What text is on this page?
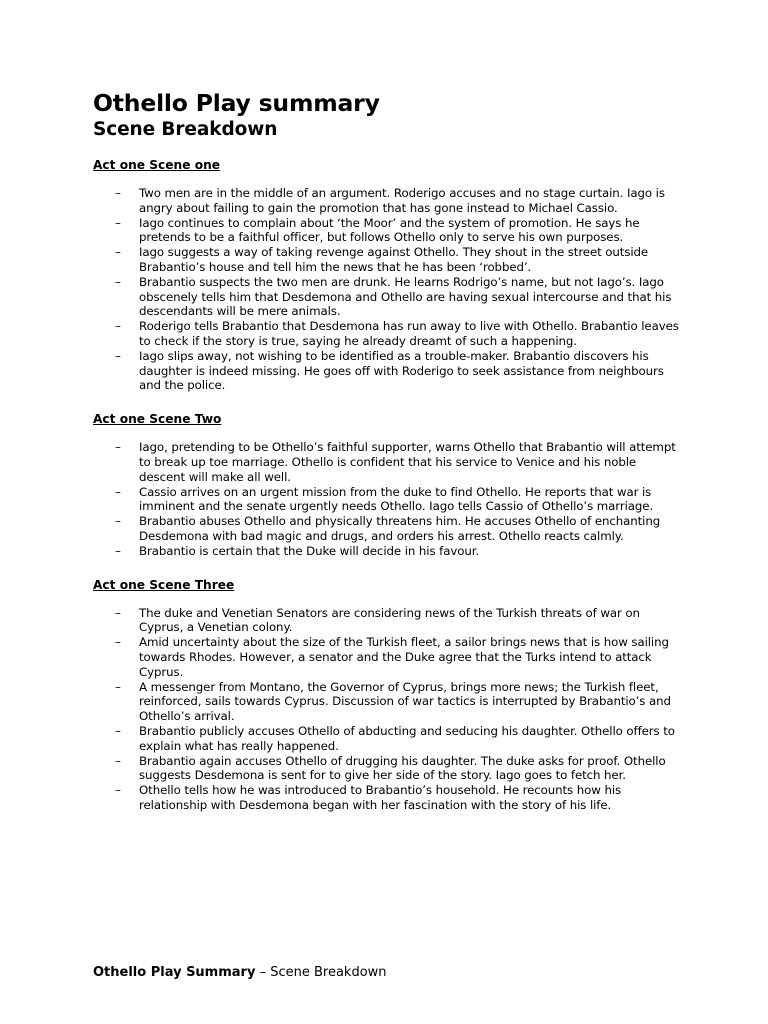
Othello Play summary
Scene Breakdown
Act one Scene one
– Two men are in the middle of an argument. Roderigo accuses and no stage curtain. Iago is angry about failing to gain the promotion that has gone instead to Michael Cassio.
– Iago continues to complain about ‘the Moor’ and the system of promotion. He says he pretends to be a faithful officer, but follows Othello only to serve his own purposes.
– Iago suggests a way of taking revenge against Othello. They shout in the street outside Brabantio’s house and tell him the news that he has been ‘robbed’.
– Brabantio suspects the two men are drunk. He learns Rodrigo’s name, but not Iago’s. Iago obscenely tells him that Desdemona and Othello are having sexual intercourse and that his descendants will be mere animals.
– Roderigo tells Brabantio that Desdemona has run away to live with Othello. Brabantio leaves to check if the story is true, saying he already dreamt of such a happening.
– Iago slips away, not wishing to be identified as a trouble-maker. Brabantio discovers his daughter is indeed missing. He goes off with Roderigo to seek assistance from neighbours and the police.
Act one Scene Two
– Iago, pretending to be Othello’s faithful supporter, warns Othello that Brabantio will attempt to break up toe marriage. Othello is confident that his service to Venice and his noble descent will make all well.
– Cassio arrives on an urgent mission from the duke to find Othello. He reports that war is imminent and the senate urgently needs Othello. Iago tells Cassio of Othello’s marriage.
– Brabantio abuses Othello and physically threatens him. He accuses Othello of enchanting Desdemona with bad magic and drugs, and orders his arrest. Othello reacts calmly.
– Brabantio is certain that the Duke will decide in his favour.
Act one Scene Three
– The duke and Venetian Senators are considering news of the Turkish threats of war on Cyprus, a Venetian colony.
– Amid uncertainty about the size of the Turkish fleet, a sailor brings news that is how sailing towards Rhodes. However, a senator and the Duke agree that the Turks intend to attack Cyprus.
– A messenger from Montano, the Governor of Cyprus, brings more news; the Turkish fleet, reinforced, sails towards Cyprus. Discussion of war tactics is interrupted by Brabantio’s and Othello’s arrival.
– Brabantio publicly accuses Othello of abducting and seducing his daughter. Othello offers to explain what has really happened.
– Brabantio again accuses Othello of drugging his daughter. The duke asks for proof. Othello suggests Desdemona is sent for to give her side of the story. Iago goes to fetch her.
– Othello tells how he was introduced to Brabantio’s household. He recounts how his relationship with Desdemona began with her fascination with the story of his life.
Othello Play Summary – Scene Breakdown
